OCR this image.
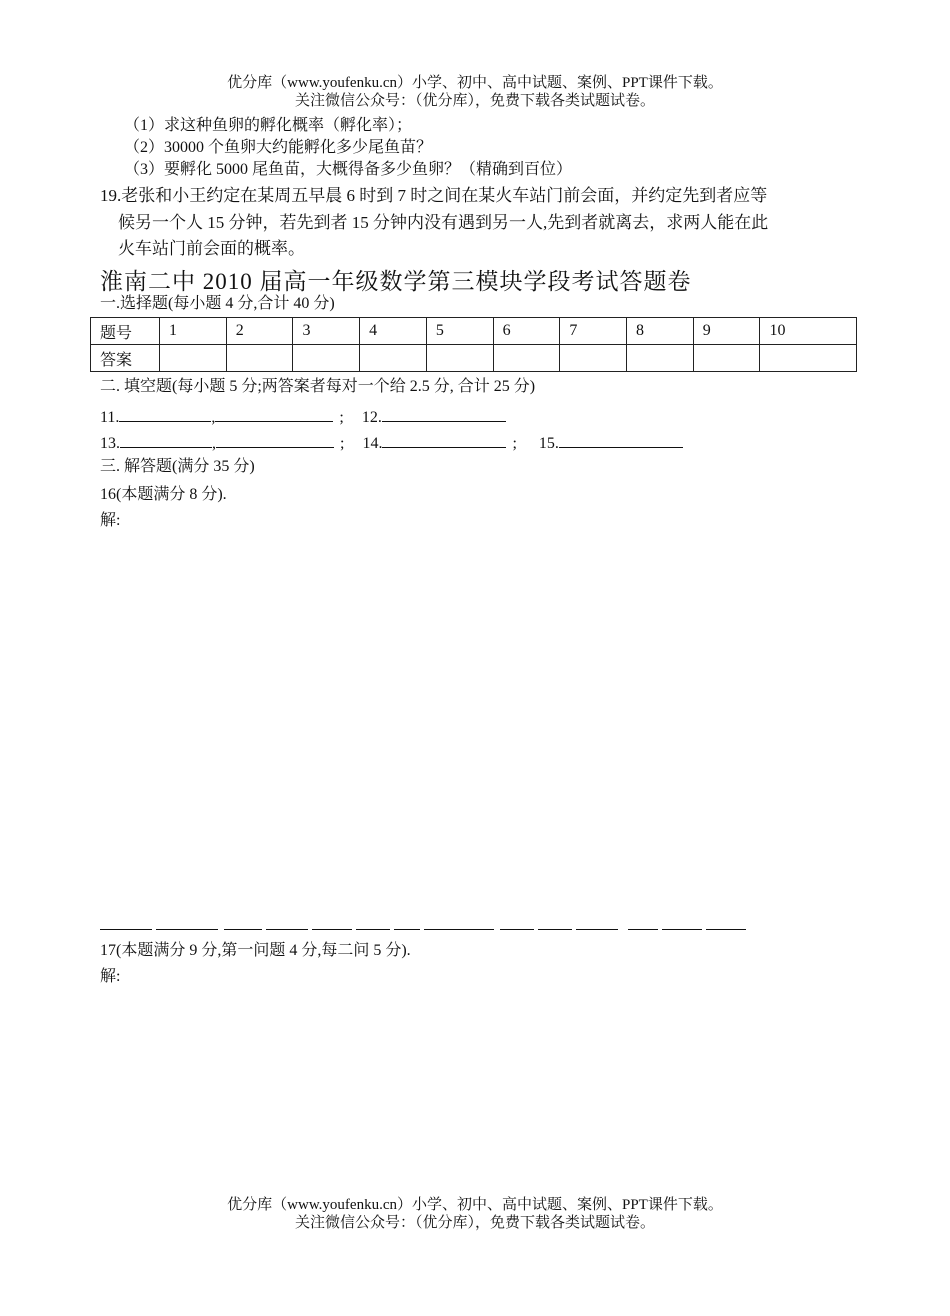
优分库（www.youfenku.cn）小学、初中、高中试题、案例、PPT课件下载。
关注微信公众号：（优分库），免费下载各类试题试卷。
（1）求这种鱼卵的孵化概率（孵化率）；
（2）30000 个鱼卵大约能孵化多少尾鱼苗？
（3）要孵化 5000 尾鱼苗，大概得备多少鱼卵？（精确到百位）
19.老张和小王约定在某周五早晨 6 时到 7 时之间在某火车站门前会面，并约定先到者应等
候另一个人 15 分钟，若先到者 15 分钟内没有遇到另一人,先到者就离去，求两人能在此
火车站门前会面的概率。
淮南二中 2010 届高一年级数学第三模块学段考试答题卷
一.选择题(每小题 4 分,合计 40 分)
题号	1	2	3	4	5	6	7	8	9	10
答案										
二. 填空题(每小题 5 分;两答案者每对一个给 2.5 分, 合计 25 分)
11.	,	; 12.
13.	,	; 14.	; 15.
三. 解答题(满分 35 分)
16(本题满分 8 分).
解:
17(本题满分 9 分,第一问题 4 分,每二问 5 分).
解:
优分库（www.youfenku.cn）小学、初中、高中试题、案例、PPT课件下载。
关注微信公众号：（优分库），免费下载各类试题试卷。
